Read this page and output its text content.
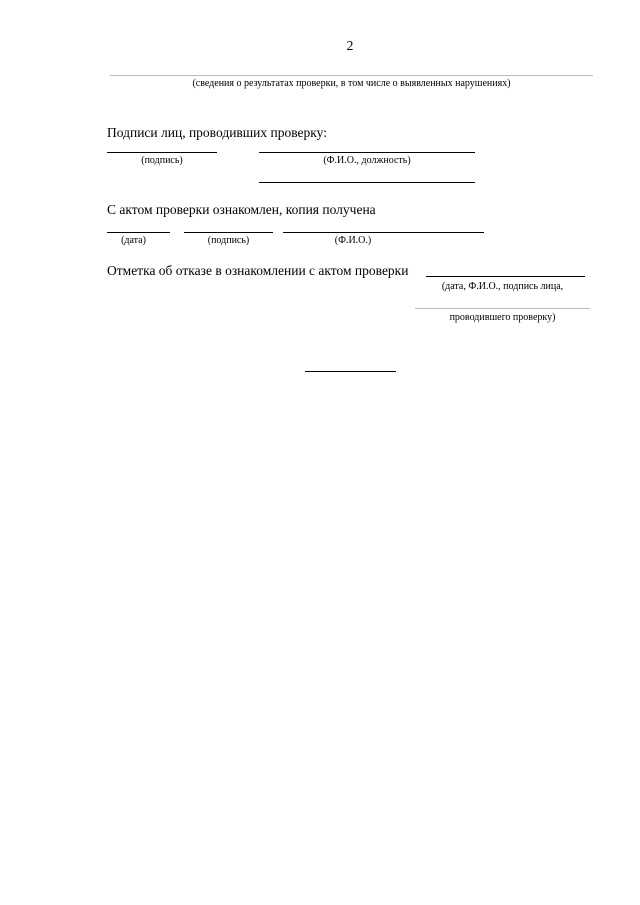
2
(сведения о результатах проверки, в том числе о выявленных нарушениях)
Подписи лиц, проводивших проверку:
(подпись)	(Ф.И.О., должность)
С актом проверки ознакомлен, копия получена
(дата)	(подпись)	(Ф.И.О.)
Отметка об отказе в ознакомлении с актом проверки
(дата, Ф.И.О., подпись лица,
проводившего проверку)
